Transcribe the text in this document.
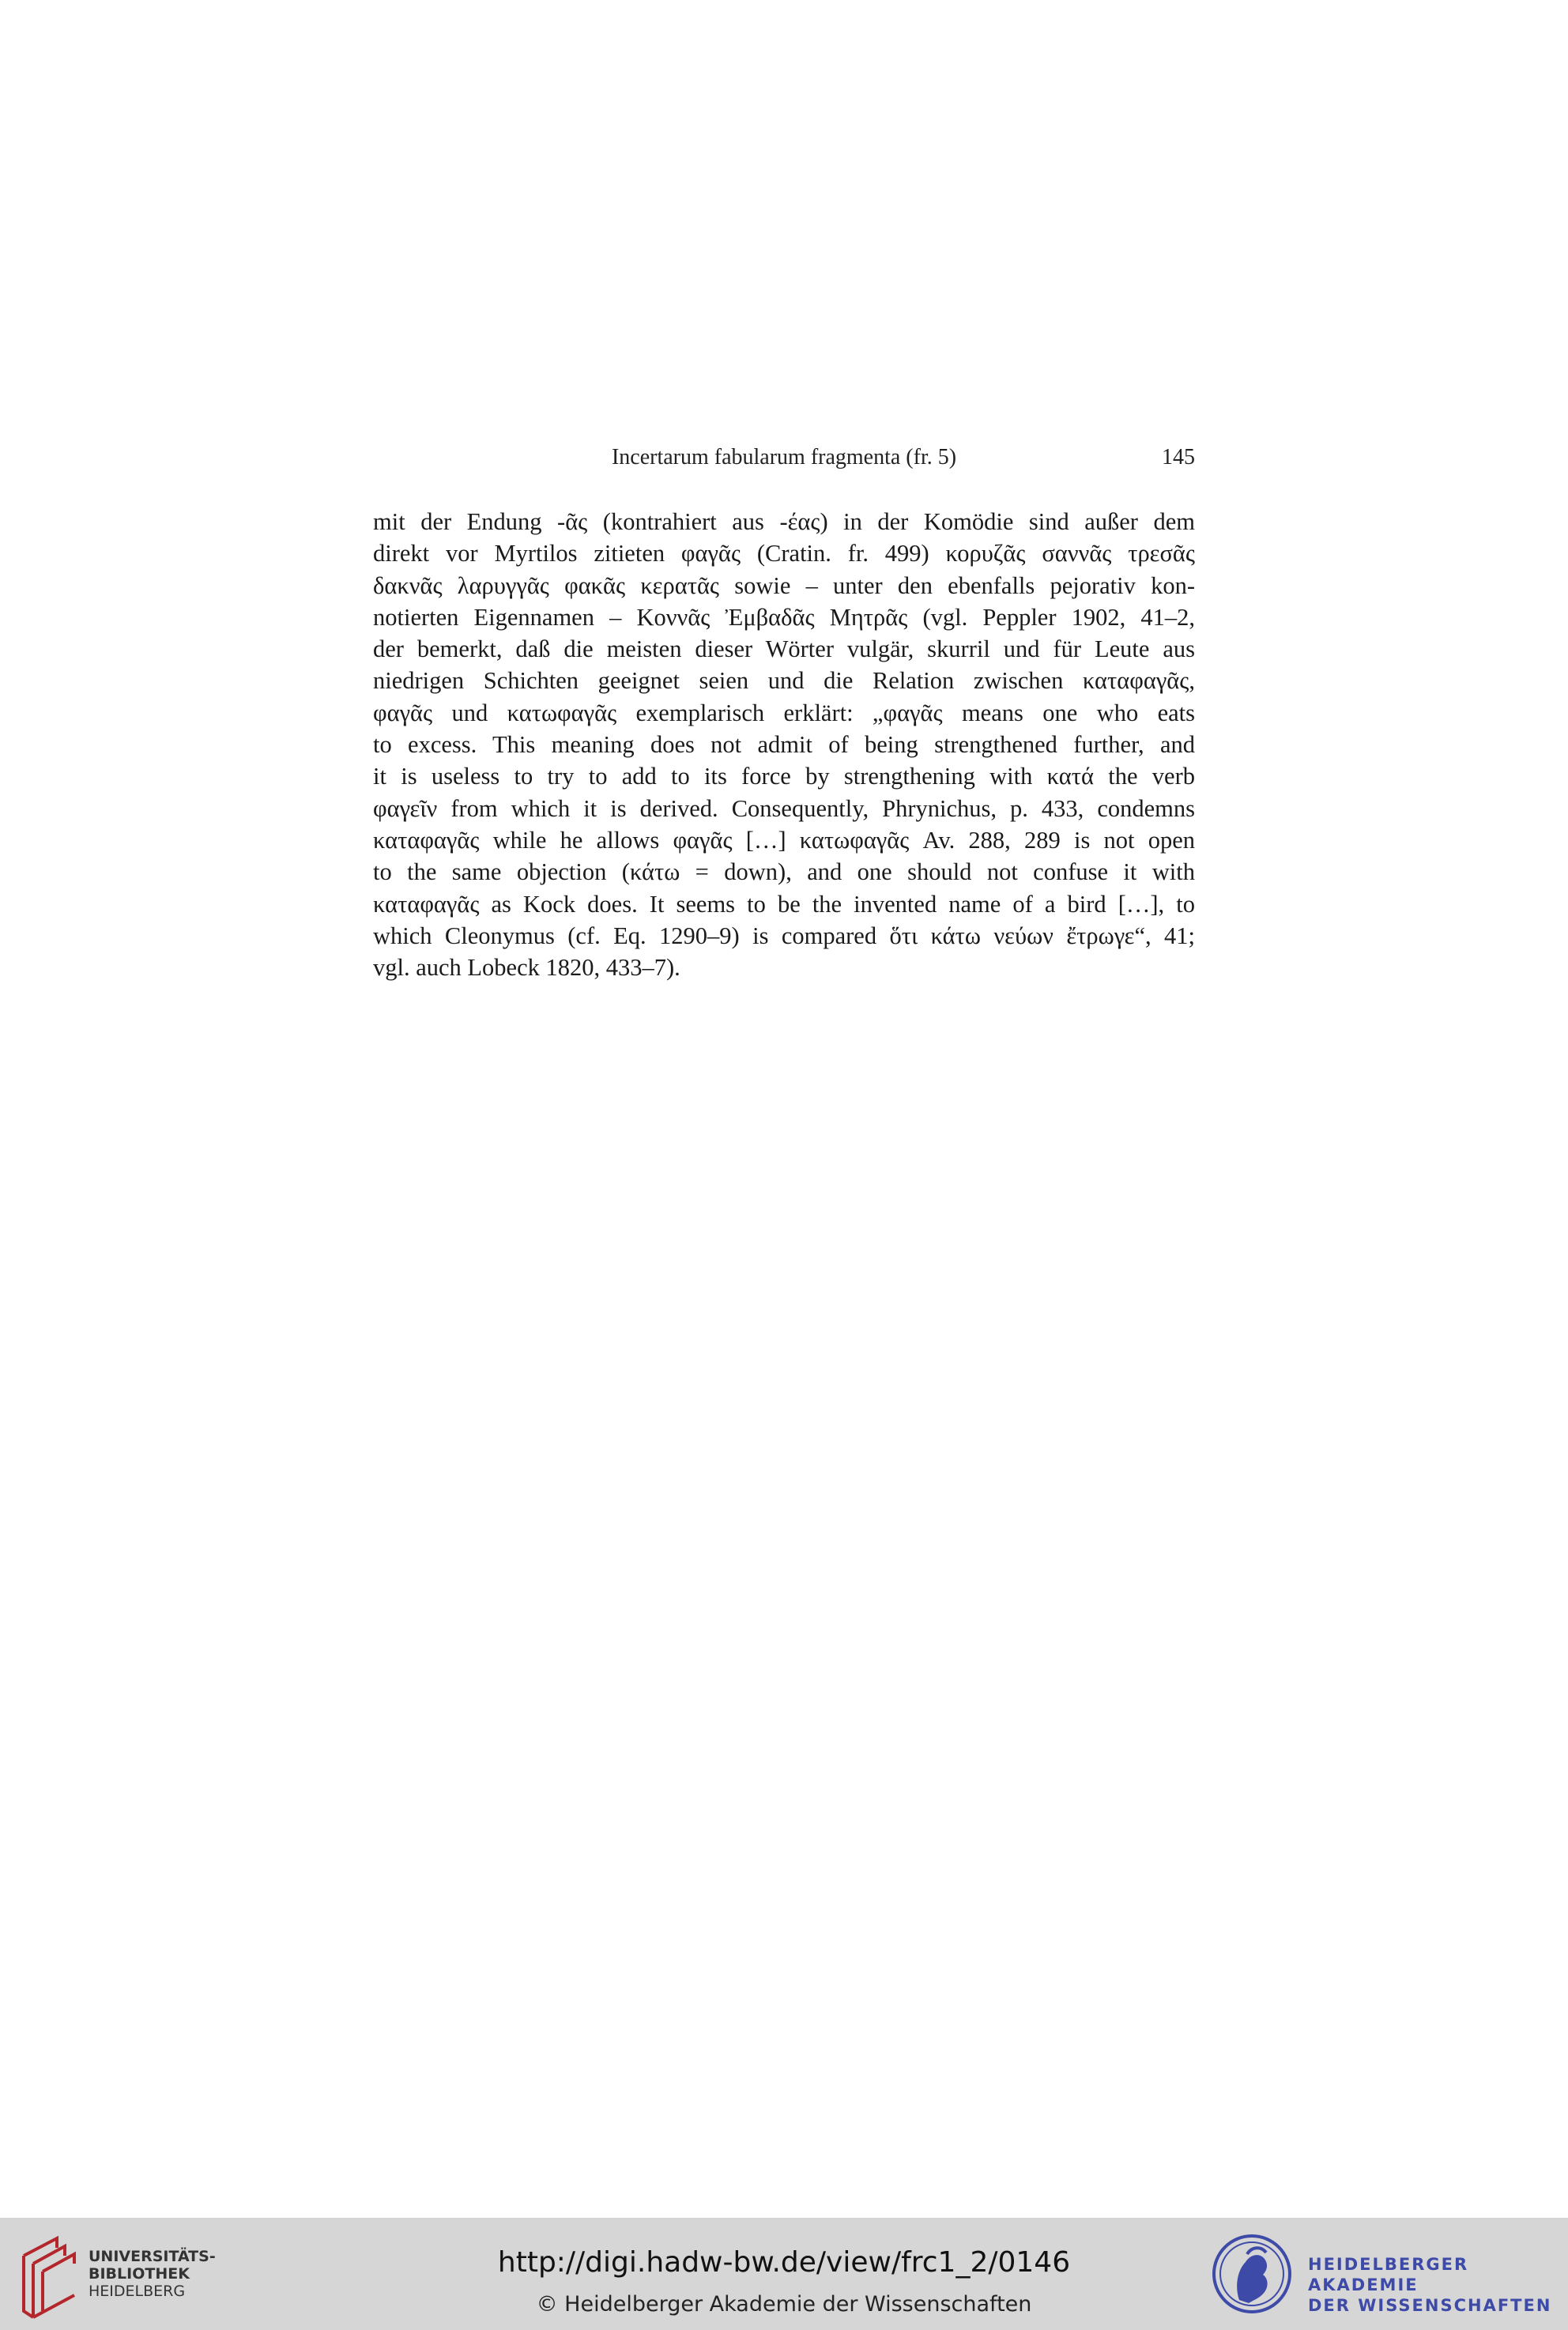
Incertarum fabularum fragmenta (fr. 5)	145
mit der Endung -ᾶς (kontrahiert aus -έας) in der Komödie sind außer dem
direkt vor Myrtilos zitieten φαγᾶς (Cratin. fr. 499) κορυζᾶς σαννᾶς τρεσᾶς
δακνᾶς λαρυγγᾶς φακᾶς κερατᾶς sowie – unter den ebenfalls pejorativ kon-
notierten Eigennamen – Κοννᾶς Ἐμβαδᾶς Μητρᾶς (vgl. Peppler 1902, 41–2,
der bemerkt, daß die meisten dieser Wörter vulgär, skurril und für Leute aus
niedrigen Schichten geeignet seien und die Relation zwischen καταφαγᾶς,
φαγᾶς und κατωφαγᾶς exemplarisch erklärt: „φαγᾶς means one who eats
to excess. This meaning does not admit of being strengthened further, and
it is useless to try to add to its force by strengthening with κατά the verb
φαγεῖν from which it is derived. Consequently, Phrynichus, p. 433, condemns
καταφαγᾶς while he allows φαγᾶς […] κατωφαγᾶς Av. 288, 289 is not open
to the same objection (κάτω = down), and one should not confuse it with
καταφαγᾶς as Kock does. It seems to be the invented name of a bird […], to
which Cleonymus (cf. Eq. 1290–9) is compared ὅτι κάτω νεύων ἔτρωγε“, 41;
vgl. auch Lobeck 1820, 433–7).
UNIVERSITÄTS-
BIBLIOTHEK
HEIDELBERG
http://digi.hadw-bw.de/view/frc1_2/0146
© Heidelberger Akademie der Wissenschaften
HEIDELBERGER AKADEMIE
DER WISSENSCHAFTEN
